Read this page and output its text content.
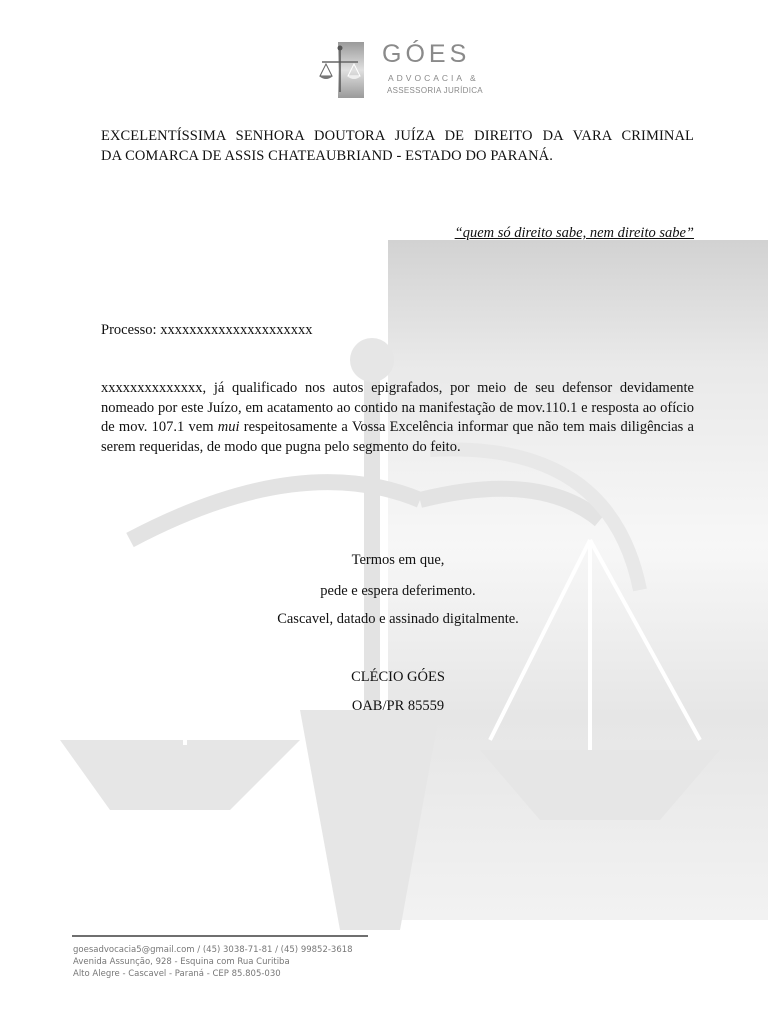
GÓES
ADVOCACIA &
ASSESSORIA JURÍDICA
EXCELENTÍSSIMA SENHORA DOUTORA JUÍZA DE DIREITO DA VARA CRIMINAL
DA COMARCA DE ASSIS CHATEAUBRIAND - ESTADO DO PARANÁ.
“quem só direito sabe, nem direito sabe”
Processo: xxxxxxxxxxxxxxxxxxxxx
xxxxxxxxxxxxxx, já qualificado nos autos epigrafados, por meio de seu defensor devidamente nomeado por este Juízo, em acatamento ao contido na manifestação de mov.110.1 e resposta ao ofício de mov. 107.1 vem mui respeitosamente a Vossa Excelência informar que não tem mais diligências a serem requeridas, de modo que pugna pelo segmento do feito.
Termos em que,
pede e espera deferimento.
Cascavel, datado e assinado digitalmente.
CLÉCIO GÓES
OAB/PR 85559
goesadvocacia5@gmail.com / (45) 3038-71-81 / (45) 99852-3618
Avenida Assunção, 928 - Esquina com Rua Curitiba
Alto Alegre - Cascavel - Paraná - CEP 85.805-030
